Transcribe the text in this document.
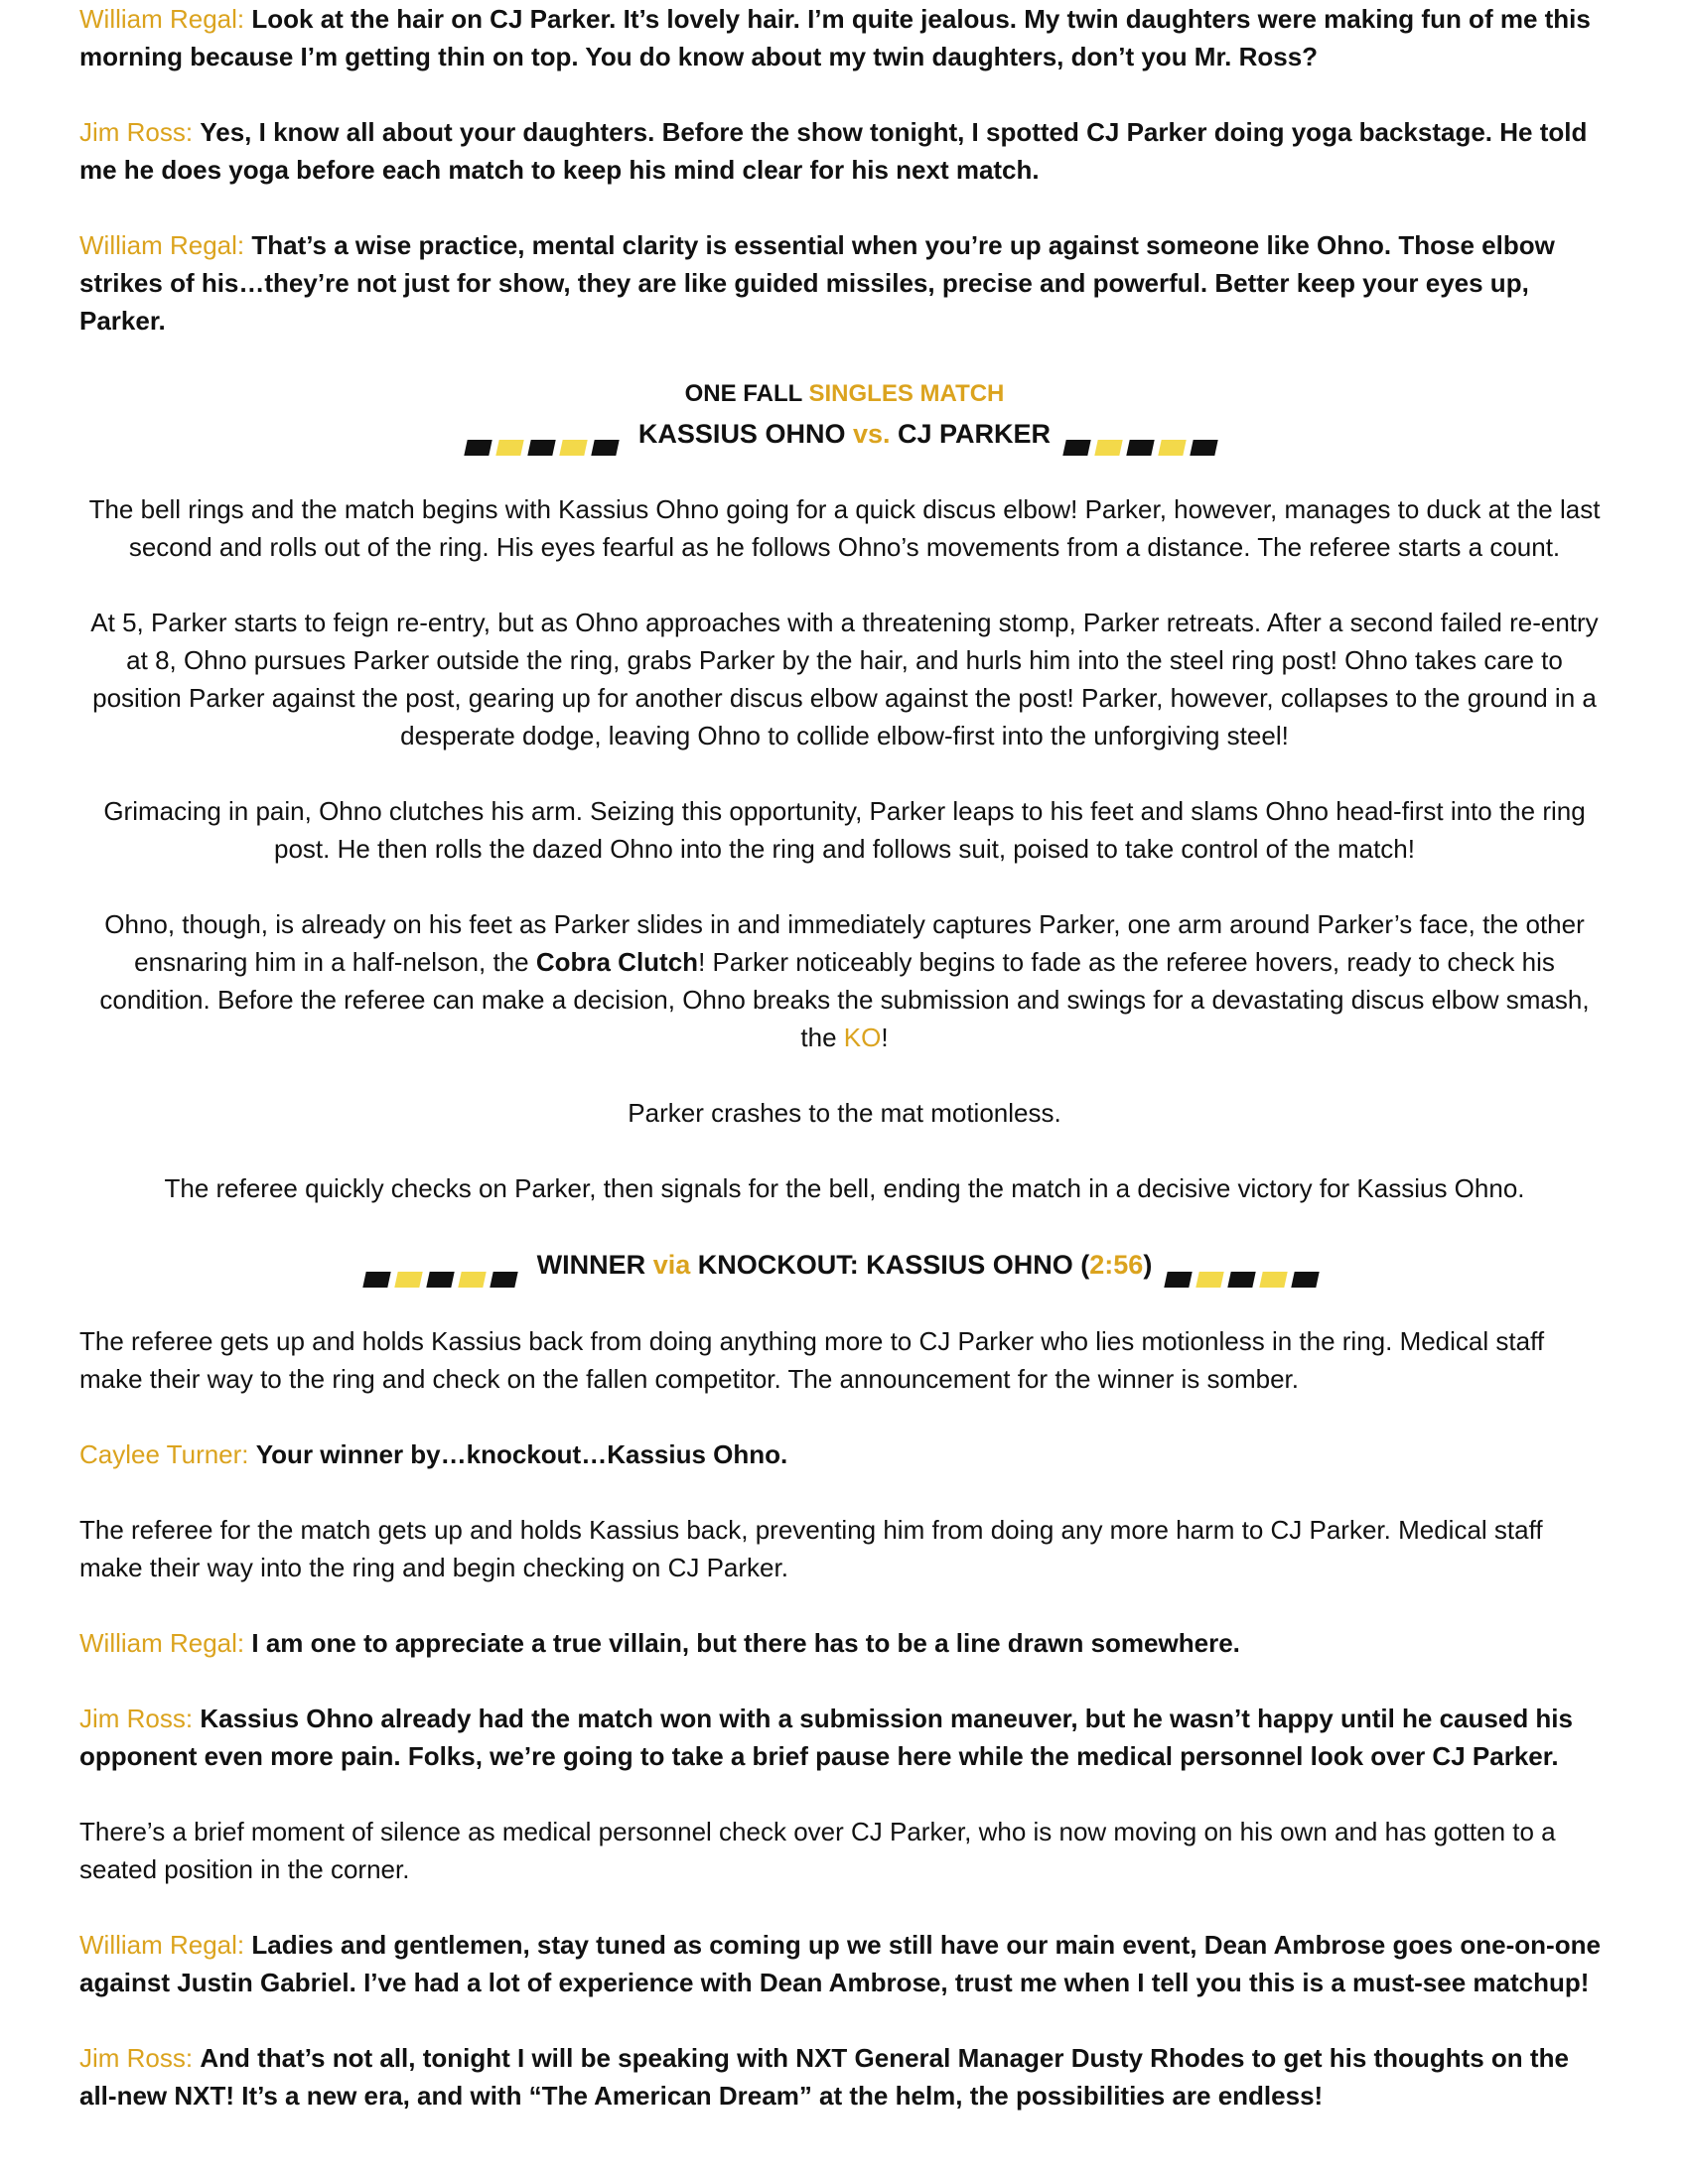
William Regal: Look at the hair on CJ Parker. It’s lovely hair. I’m quite jealous. My twin daughters were making fun of me this morning because I’m getting thin on top. You do know about my twin daughters, don’t you Mr. Ross?

Jim Ross: Yes, I know all about your daughters. Before the show tonight, I spotted CJ Parker doing yoga backstage. He told me he does yoga before each match to keep his mind clear for his next match.

William Regal: That’s a wise practice, mental clarity is essential when you’re up against someone like Ohno. Those elbow strikes of his…they’re not just for show, they are like guided missiles, precise and powerful. Better keep your eyes up, Parker.

ONE FALL SINGLES MATCH

KASSIUS OHNO vs. CJ PARKER

The bell rings and the match begins with Kassius Ohno going for a quick discus elbow! Parker, however, manages to duck at the last second and rolls out of the ring. His eyes fearful as he follows Ohno’s movements from a distance. The referee starts a count.

At 5, Parker starts to feign re-entry, but as Ohno approaches with a threatening stomp, Parker retreats. After a second failed re-entry at 8, Ohno pursues Parker outside the ring, grabs Parker by the hair, and hurls him into the steel ring post! Ohno takes care to position Parker against the post, gearing up for another discus elbow against the post! Parker, however, collapses to the ground in a desperate dodge, leaving Ohno to collide elbow-first into the unforgiving steel!

Grimacing in pain, Ohno clutches his arm. Seizing this opportunity, Parker leaps to his feet and slams Ohno head-first into the ring post. He then rolls the dazed Ohno into the ring and follows suit, poised to take control of the match!

Ohno, though, is already on his feet as Parker slides in and immediately captures Parker, one arm around Parker’s face, the other ensnaring him in a half-nelson, the Cobra Clutch! Parker noticeably begins to fade as the referee hovers, ready to check his condition. Before the referee can make a decision, Ohno breaks the submission and swings for a devastating discus elbow smash, the KO!

Parker crashes to the mat motionless.

The referee quickly checks on Parker, then signals for the bell, ending the match in a decisive victory for Kassius Ohno.

WINNER via KNOCKOUT: KASSIUS OHNO (2:56)

The referee gets up and holds Kassius back from doing anything more to CJ Parker who lies motionless in the ring. Medical staff make their way to the ring and check on the fallen competitor. The announcement for the winner is somber.

Caylee Turner: Your winner by…knockout…Kassius Ohno.

The referee for the match gets up and holds Kassius back, preventing him from doing any more harm to CJ Parker. Medical staff make their way into the ring and begin checking on CJ Parker.

William Regal: I am one to appreciate a true villain, but there has to be a line drawn somewhere.

Jim Ross: Kassius Ohno already had the match won with a submission maneuver, but he wasn’t happy until he caused his opponent even more pain. Folks, we’re going to take a brief pause here while the medical personnel look over CJ Parker.

There’s a brief moment of silence as medical personnel check over CJ Parker, who is now moving on his own and has gotten to a seated position in the corner.

William Regal: Ladies and gentlemen, stay tuned as coming up we still have our main event, Dean Ambrose goes one-on-one against Justin Gabriel. I’ve had a lot of experience with Dean Ambrose, trust me when I tell you this is a must-see matchup!

Jim Ross: And that’s not all, tonight I will be speaking with NXT General Manager Dusty Rhodes to get his thoughts on the all-new NXT! It’s a new era, and with “The American Dream” at the helm, the possibilities are endless!
